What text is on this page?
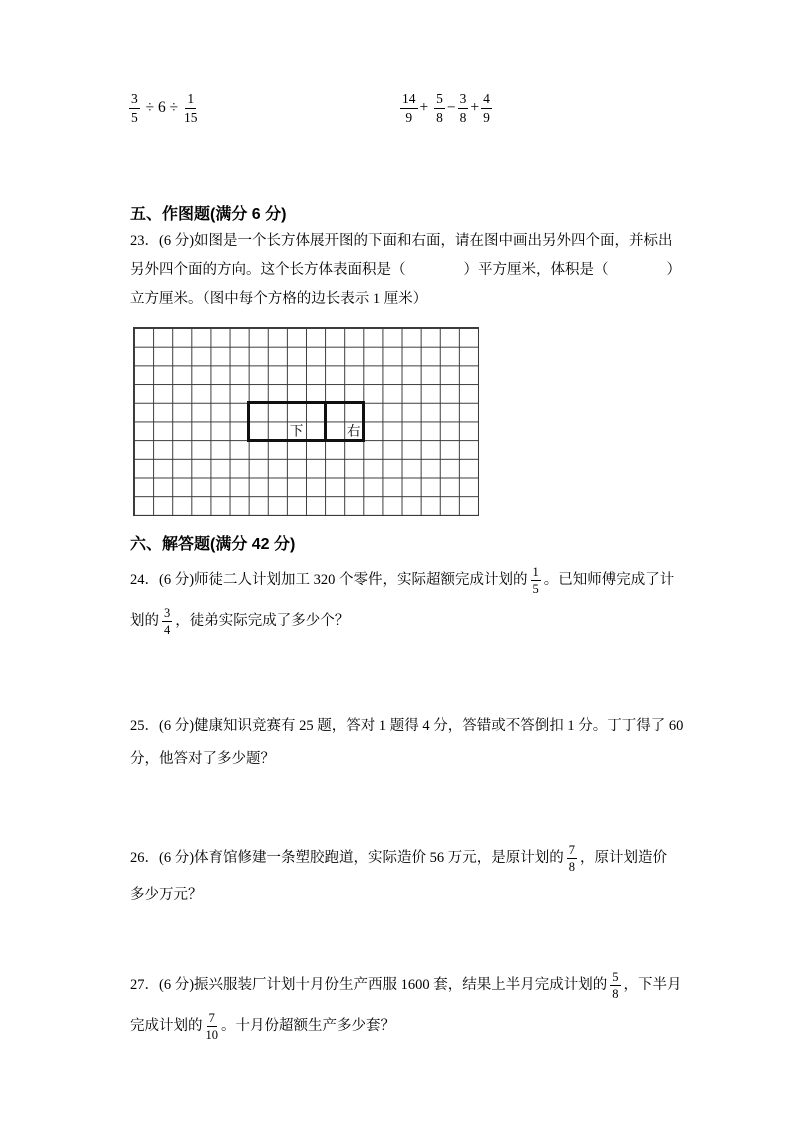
$\frac{3}{5} \div 6 \div \frac{1}{15}$	$\frac{14}{9} + \frac{5}{8} - \frac{3}{8} + \frac{4}{9}$
五、作图题(满分 6 分)
23．(6 分)如图是一个长方体展开图的下面和右面，请在图中画出另外四个面，并标出
另外四个面的方向。这个长方体表面积是（　　　　）平方厘米，体积是（　　　　）
立方厘米。（图中每个方格的边长表示 1 厘米）
下	右
六、解答题(满分 42 分)
24．(6 分)师徒二人计划加工 320 个零件，实际超额完成计划的 $\frac{1}{5}$ 。已知师傅完成了计
划的 $\frac{3}{4}$ ，徒弟实际完成了多少个？
25．(6 分)健康知识竞赛有 25 题，答对 1 题得 4 分，答错或不答倒扣 1 分。丁丁得了 60
分，他答对了多少题？
26．(6 分)体育馆修建一条塑胶跑道，实际造价 56 万元，是原计划的 $\frac{7}{8}$ ，原计划造价
多少万元？
27．(6 分)振兴服装厂计划十月份生产西服 1600 套，结果上半月完成计划的 $\frac{5}{8}$ ，下半月
完成计划的 $\frac{7}{10}$ 。十月份超额生产多少套？
